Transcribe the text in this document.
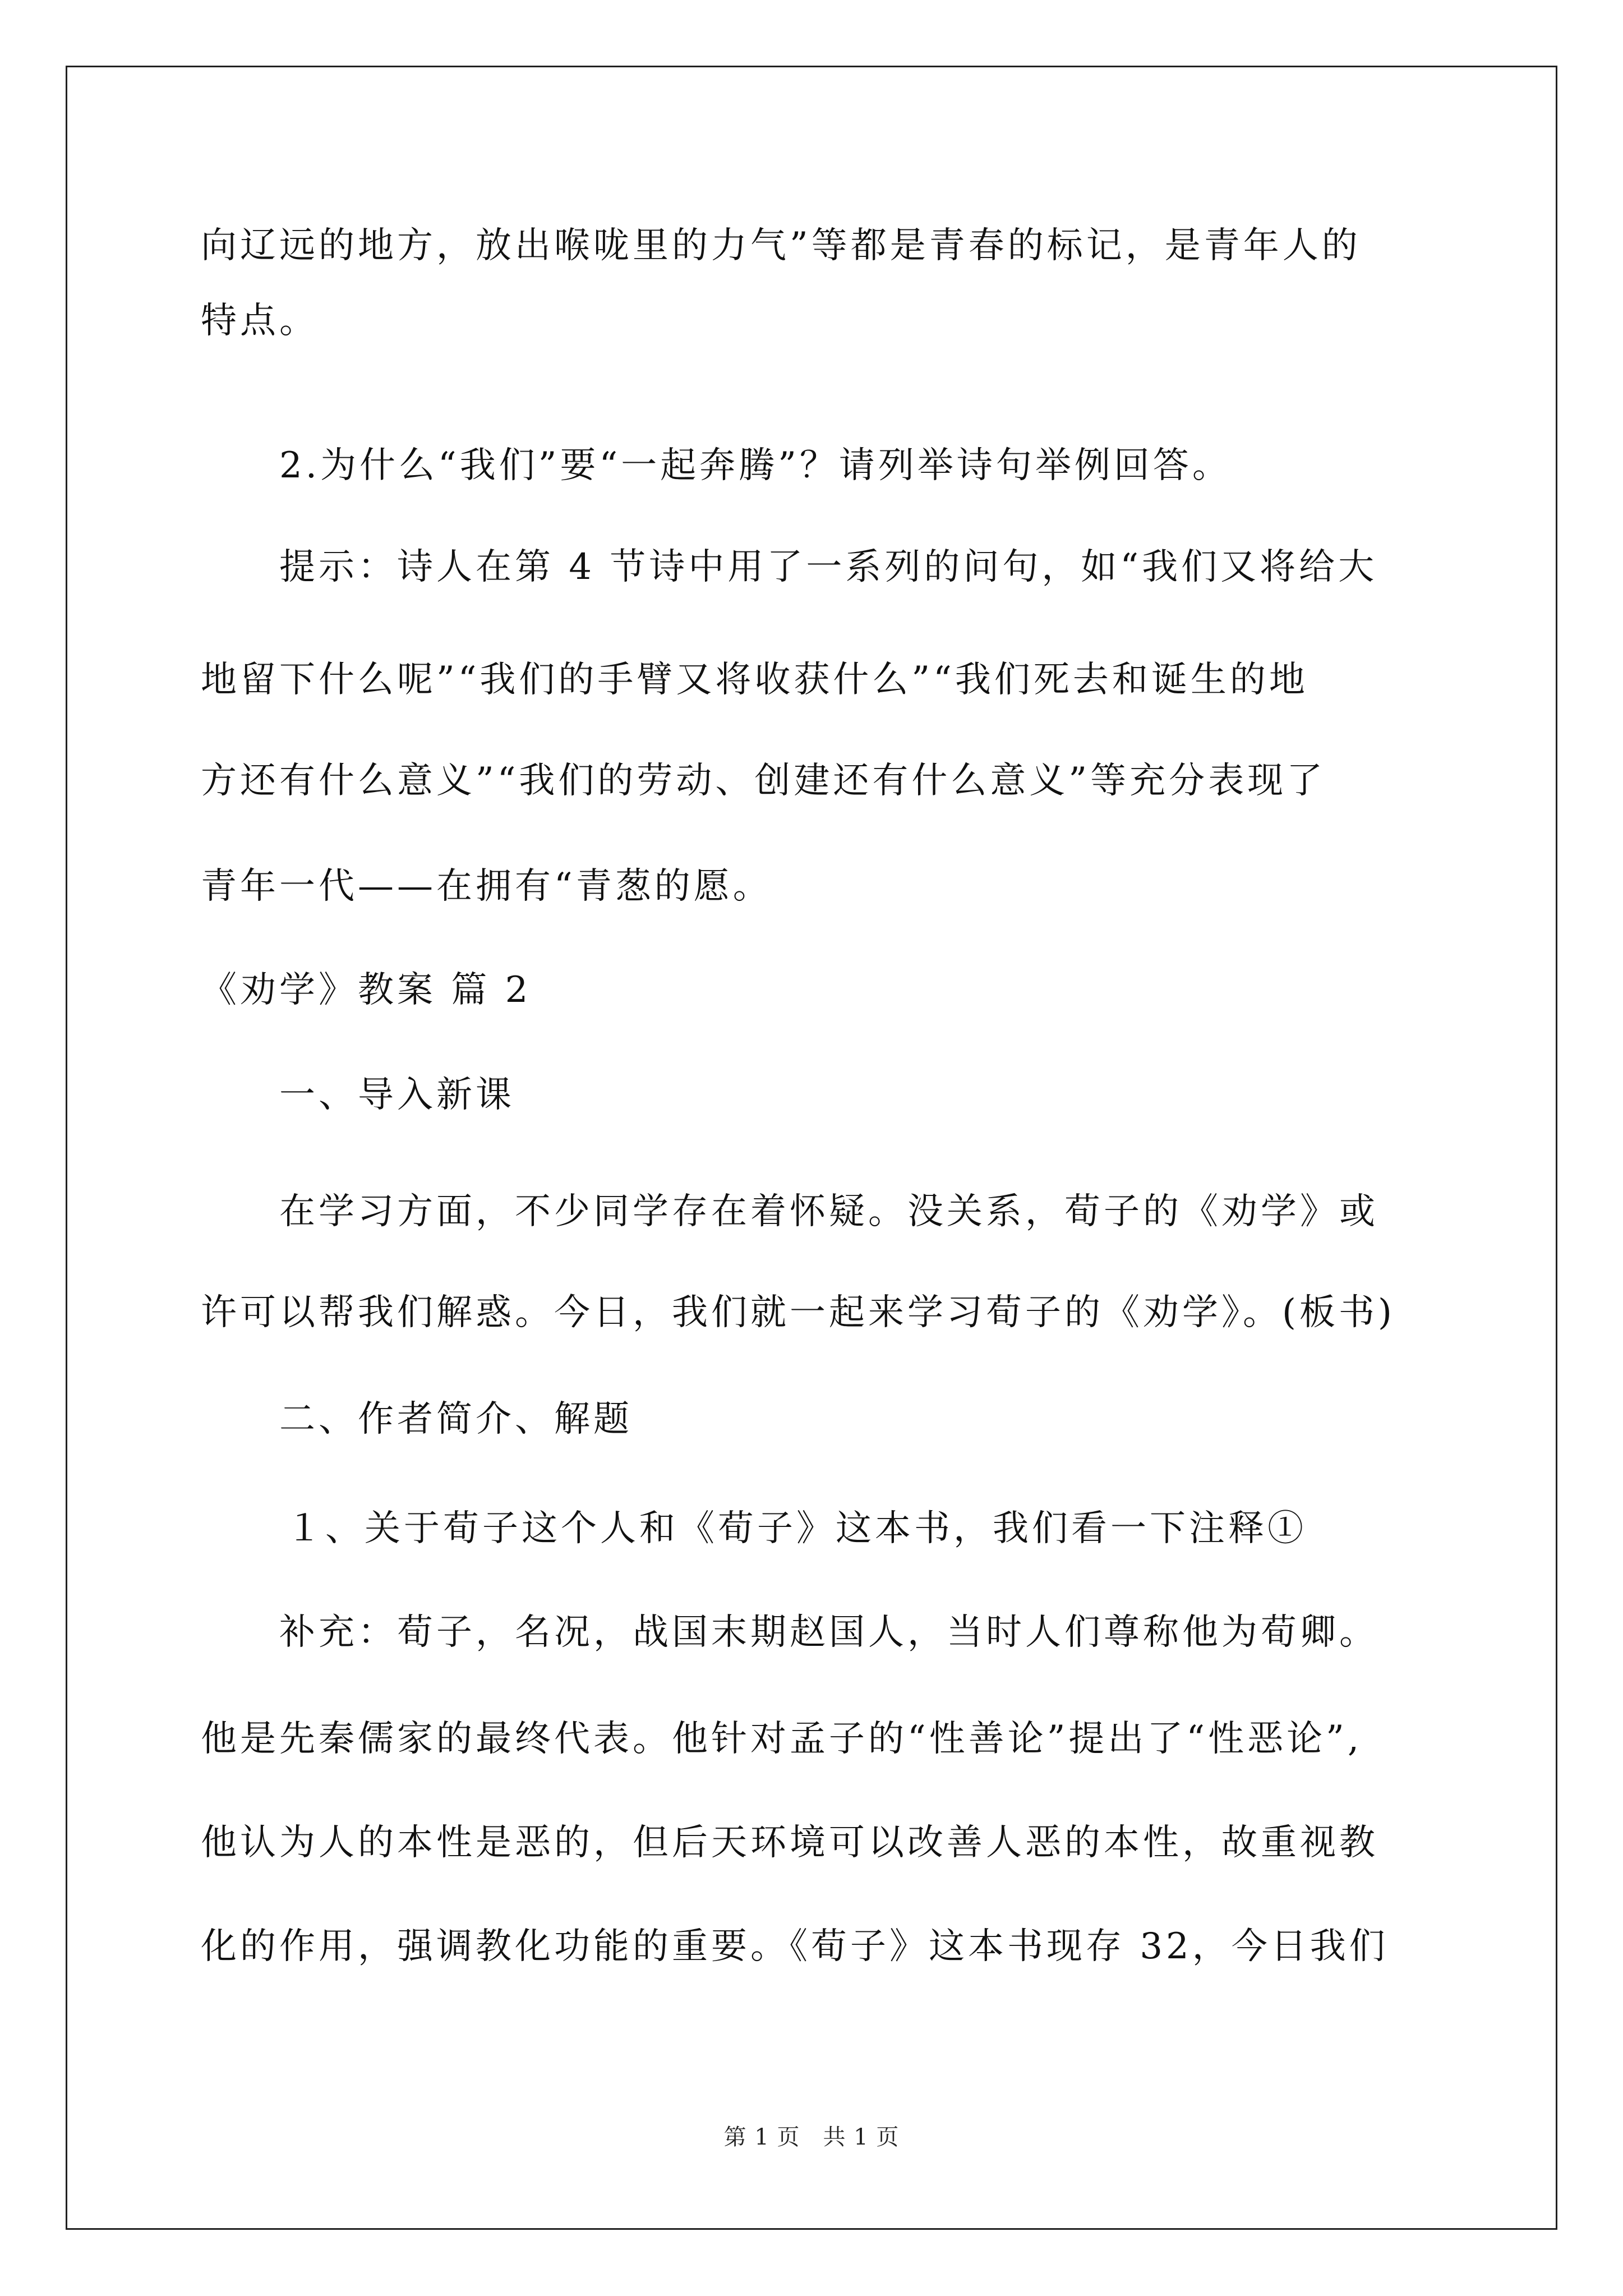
向辽远的地方，放出喉咙里的力气”等都是青春的标记，是青年人的
特点。
2.为什么“我们”要“一起奔腾”？请列举诗句举例回答。
提示：诗人在第 4 节诗中用了一系列的问句，如“我们又将给大
地留下什么呢”“我们的手臂又将收获什么”“我们死去和诞生的地
方还有什么意义”“我们的劳动、创建还有什么意义”等充分表现了
青年一代——在拥有“青葱的愿。
《劝学》教案 篇 2
一、导入新课
在学习方面，不少同学存在着怀疑。没关系，荀子的《劝学》或
许可以帮我们解惑。今日，我们就一起来学习荀子的《劝学》。(板书)
二、作者简介、解题
１、关于荀子这个人和《荀子》这本书，我们看一下注释①
补充：荀子，名况，战国末期赵国人，当时人们尊称他为荀卿。
他是先秦儒家的最终代表。他针对孟子的“性善论”提出了“性恶论”,
他认为人的本性是恶的，但后天环境可以改善人恶的本性，故重视教
化的作用，强调教化功能的重要。《荀子》这本书现存 32，今日我们
第 1 页　共 1 页
